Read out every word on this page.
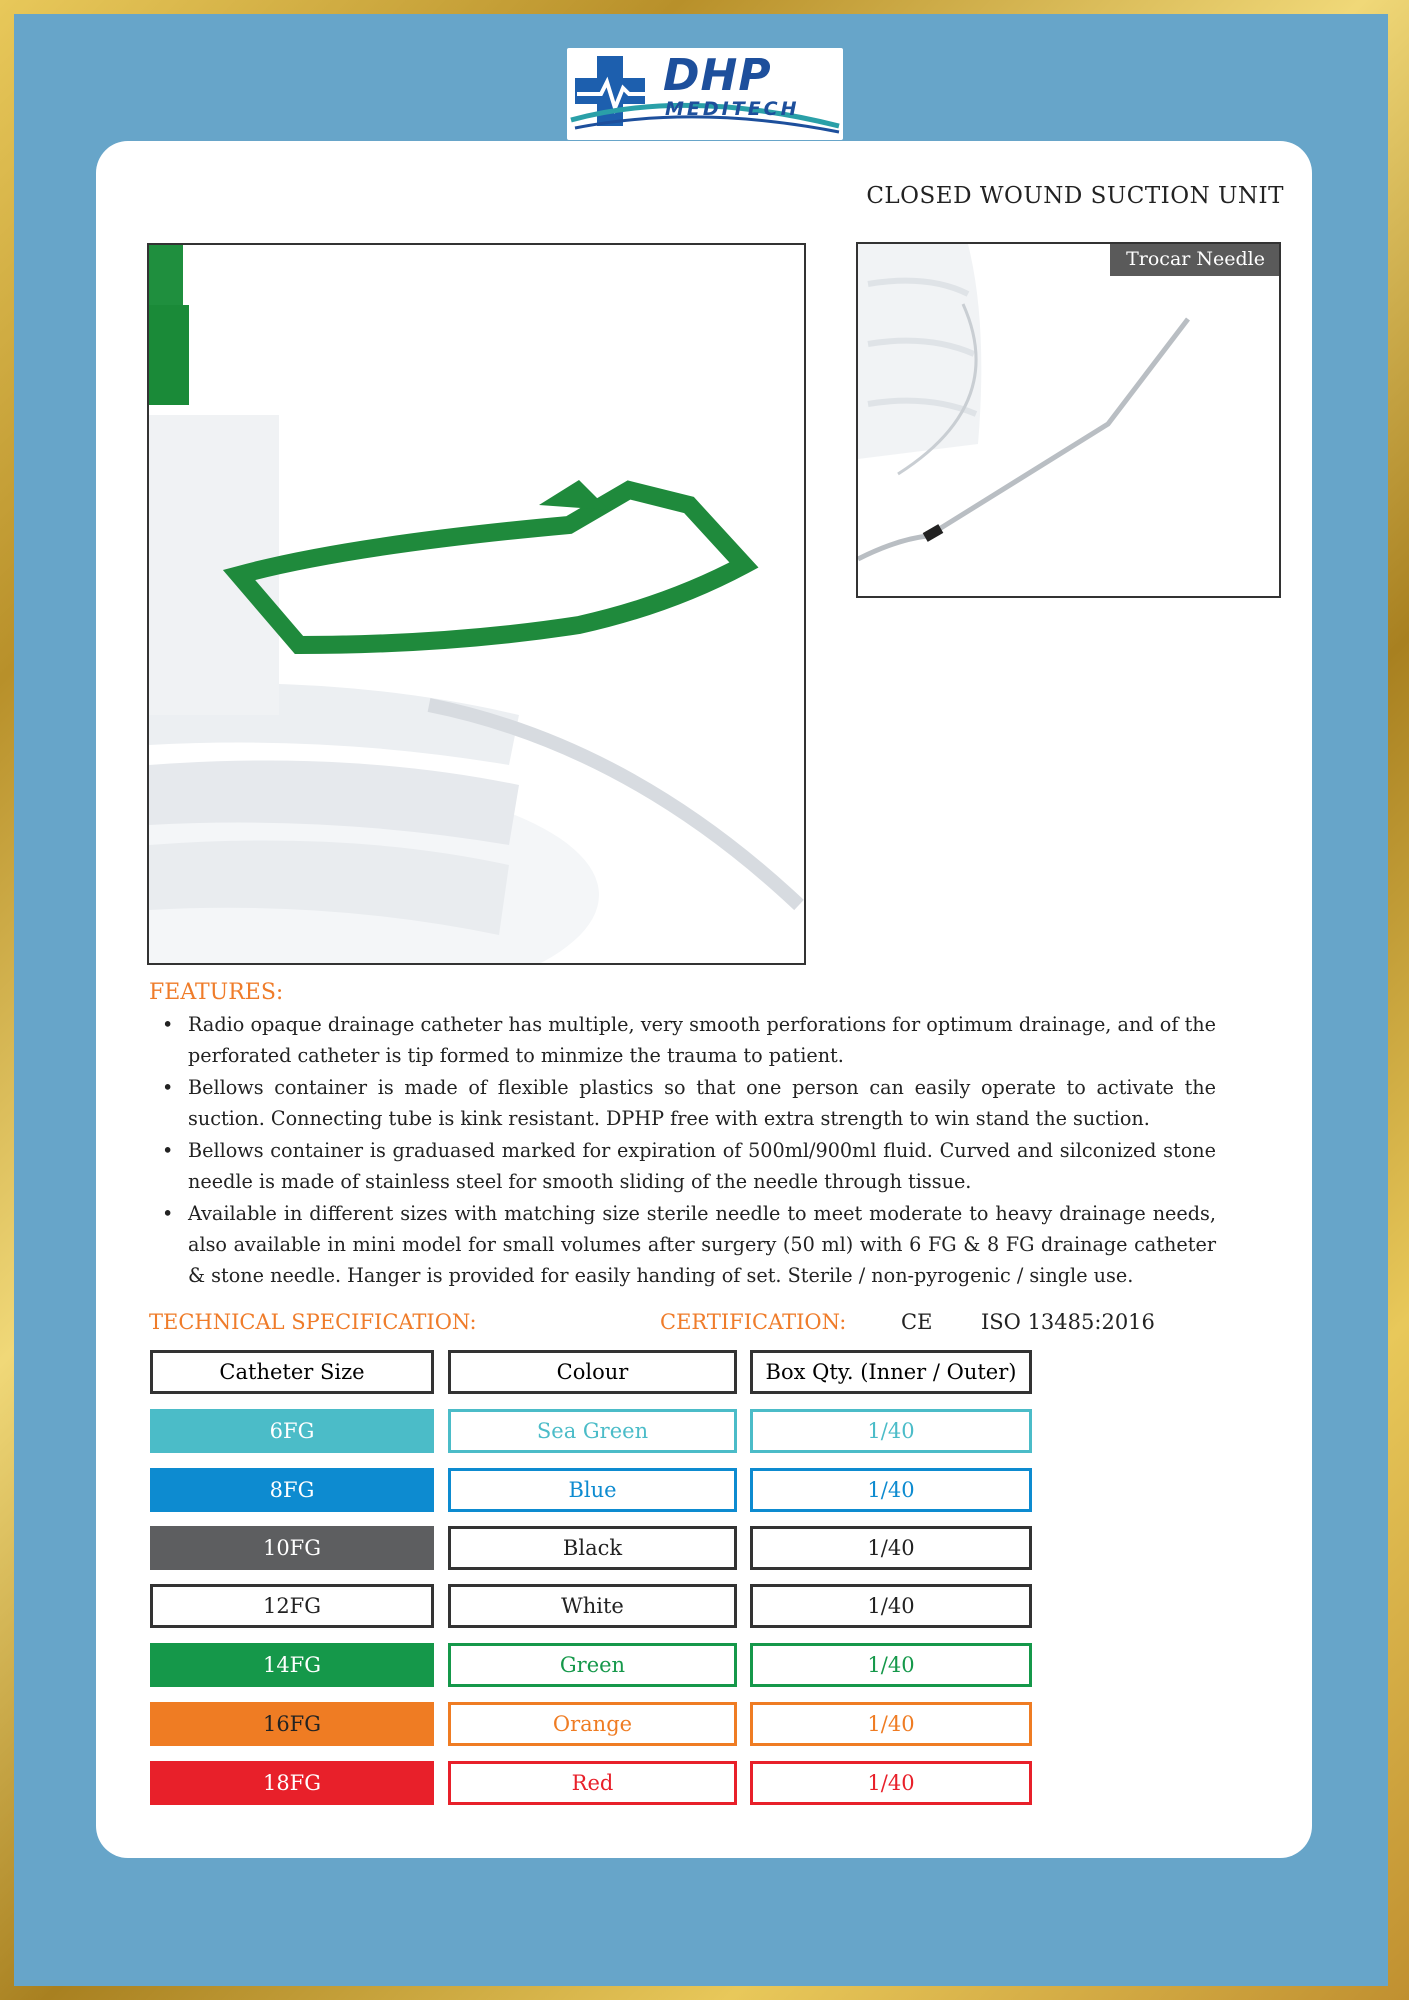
DHP
MEDITECH
CLOSED WOUND SUCTION UNIT
Trocar Needle
FEATURES:
• Radio opaque drainage catheter has multiple, very smooth perforations for optimum drainage, and of the perforated catheter is tip formed to minmize the trauma to patient.
• Bellows container is made of flexible plastics so that one person can easily operate to activate the suction. Connecting tube is kink resistant. DPHP free with extra strength to win stand the suction.
• Bellows container is graduased marked for expiration of 500ml/900ml fluid. Curved and silconized stone needle is made of stainless steel for smooth sliding of the needle through tissue.
• Available in different sizes with matching size sterile needle to meet moderate to heavy drainage needs, also available in mini model for small volumes after surgery (50 ml) with 6 FG & 8 FG drainage catheter & stone needle. Hanger is provided for easily handing of set. Sterile / non-pyrogenic / single use.
TECHNICAL SPECIFICATION:	CERTIFICATION:	CE ISO 13485:2016
Catheter Size	Colour	Box Qty. (Inner / Outer)
6FG	Sea Green	1/40
8FG	Blue	1/40
10FG	Black	1/40
12FG	White	1/40
14FG	Green	1/40
16FG	Orange	1/40
18FG	Red	1/40
